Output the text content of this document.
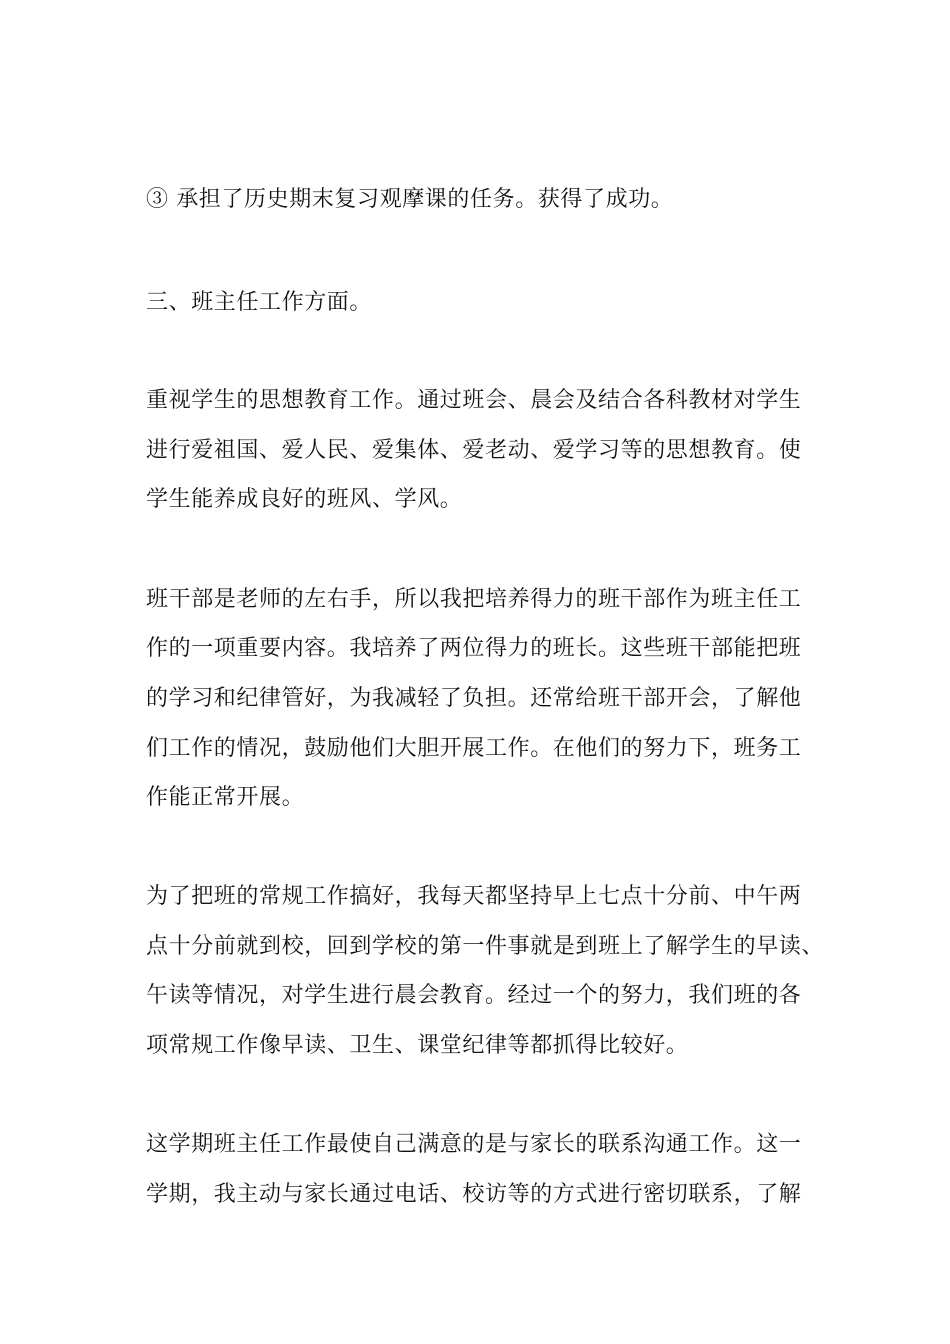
③ 承担了历史期末复习观摩课的任务。获得了成功。
三、班主任工作方面。
重视学生的思想教育工作。通过班会、晨会及结合各科教材对学生
进行爱祖国、爱人民、爱集体、爱老动、爱学习等的思想教育。使
学生能养成良好的班风、学风。
班干部是老师的左右手，所以我把培养得力的班干部作为班主任工
作的一项重要内容。我培养了两位得力的班长。这些班干部能把班
的学习和纪律管好，为我减轻了负担。还常给班干部开会，了解他
们工作的情况，鼓励他们大胆开展工作。在他们的努力下，班务工
作能正常开展。
为了把班的常规工作搞好，我每天都坚持早上七点十分前、中午两
点十分前就到校，回到学校的第一件事就是到班上了解学生的早读、
午读等情况，对学生进行晨会教育。经过一个的努力，我们班的各
项常规工作像早读、卫生、课堂纪律等都抓得比较好。
这学期班主任工作最使自己满意的是与家长的联系沟通工作。这一
学期，我主动与家长通过电话、校访等的方式进行密切联系，了解
